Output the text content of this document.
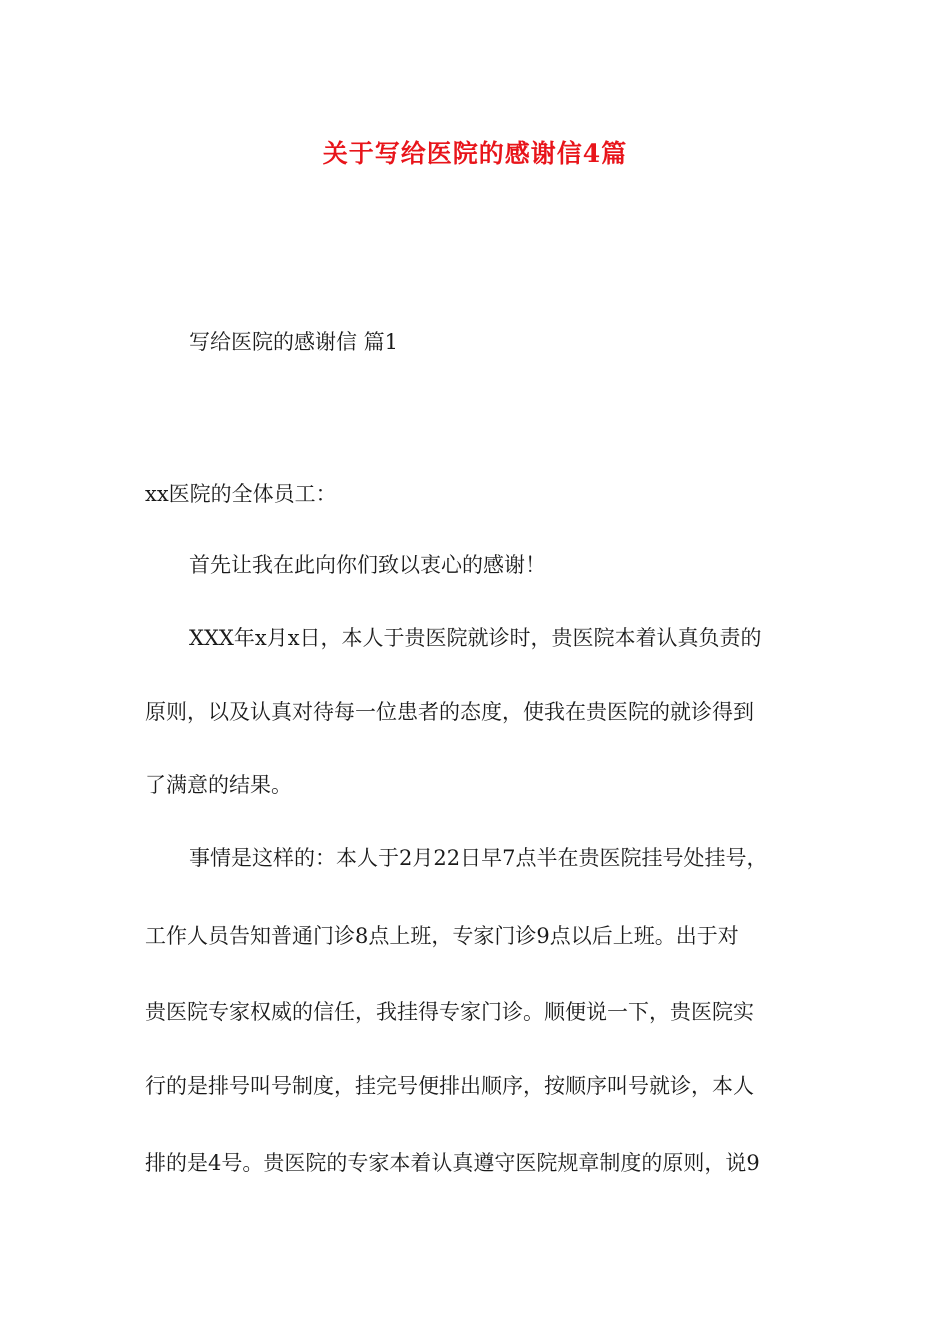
关于写给医院的感谢信4篇
写给医院的感谢信 篇1
xx医院的全体员工：
首先让我在此向你们致以衷心的感谢！
XXX年x月x日，本人于贵医院就诊时，贵医院本着认真负责的
原则，以及认真对待每一位患者的态度，使我在贵医院的就诊得到
了满意的结果。
事情是这样的：本人于2月22日早7点半在贵医院挂号处挂号，
工作人员告知普通门诊8点上班，专家门诊9点以后上班。出于对
贵医院专家权威的信任，我挂得专家门诊。顺便说一下，贵医院实
行的是排号叫号制度，挂完号便排出顺序，按顺序叫号就诊，本人
排的是4号。贵医院的专家本着认真遵守医院规章制度的原则，说9
